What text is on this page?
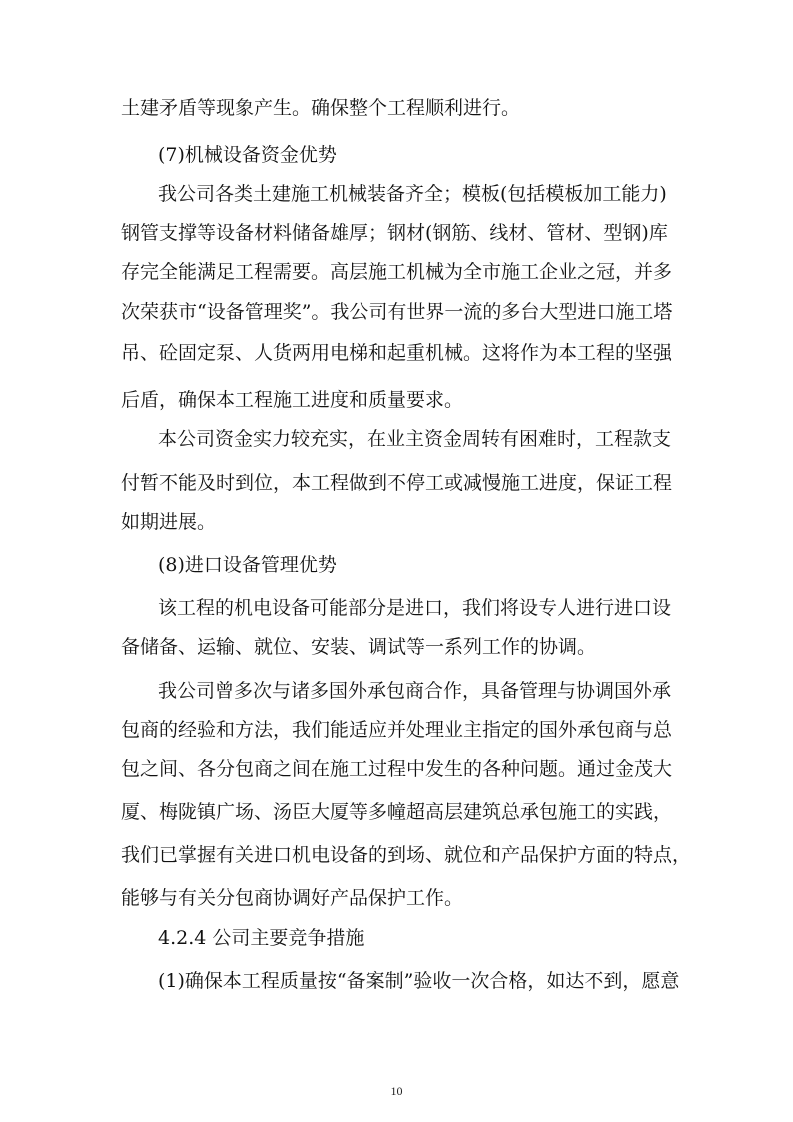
土建矛盾等现象产生。确保整个工程顺利进行。
(7)机械设备资金优势
我公司各类土建施工机械装备齐全；模板(包括模板加工能力)
钢管支撑等设备材料储备雄厚；钢材(钢筋、线材、管材、型钢)库
存完全能满足工程需要。高层施工机械为全市施工企业之冠，并多
次荣获市“设备管理奖”。我公司有世界一流的多台大型进口施工塔
吊、砼固定泵、人货两用电梯和起重机械。这将作为本工程的坚强
后盾，确保本工程施工进度和质量要求。
本公司资金实力较充实，在业主资金周转有困难时，工程款支
付暂不能及时到位，本工程做到不停工或减慢施工进度，保证工程
如期进展。
(8)进口设备管理优势
该工程的机电设备可能部分是进口，我们将设专人进行进口设
备储备、运输、就位、安装、调试等一系列工作的协调。
我公司曾多次与诸多国外承包商合作，具备管理与协调国外承
包商的经验和方法，我们能适应并处理业主指定的国外承包商与总
包之间、各分包商之间在施工过程中发生的各种问题。通过金茂大
厦、梅陇镇广场、汤臣大厦等多幢超高层建筑总承包施工的实践，
我们已掌握有关进口机电设备的到场、就位和产品保护方面的特点，
能够与有关分包商协调好产品保护工作。
4.2.4 公司主要竞争措施
(1)确保本工程质量按“备案制”验收一次合格，如达不到，愿意
10
